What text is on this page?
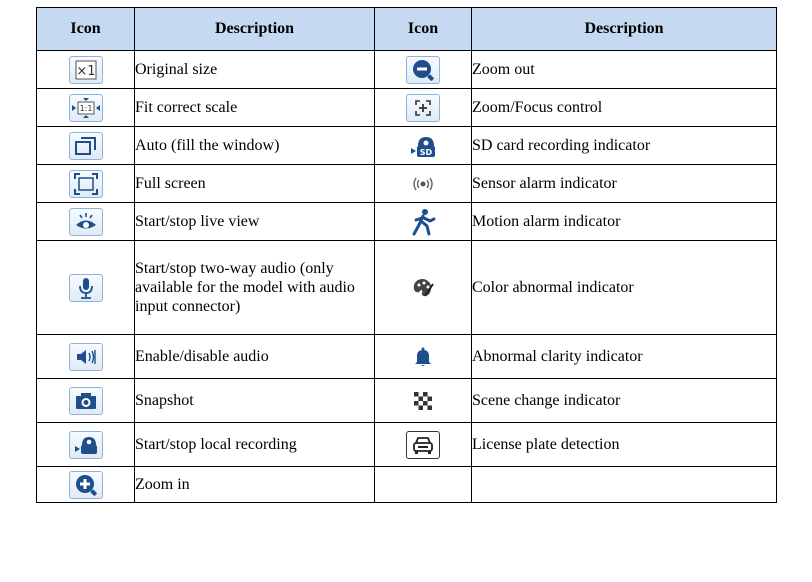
Icon	Description	Icon	Description

×1	Original size		Zoom out

1:1	Fit correct scale		Zoom/Focus control

	Auto (fill the window)	SD	SD card recording indicator

	Full screen		Sensor alarm indicator

	Start/stop live view		Motion alarm indicator

	Start/stop two-way audio (only available for the model with audio input connector)		Color abnormal indicator

	Enable/disable audio		Abnormal clarity indicator

	Snapshot		Scene change indicator

	Start/stop local recording		License plate detection

	Zoom in		
